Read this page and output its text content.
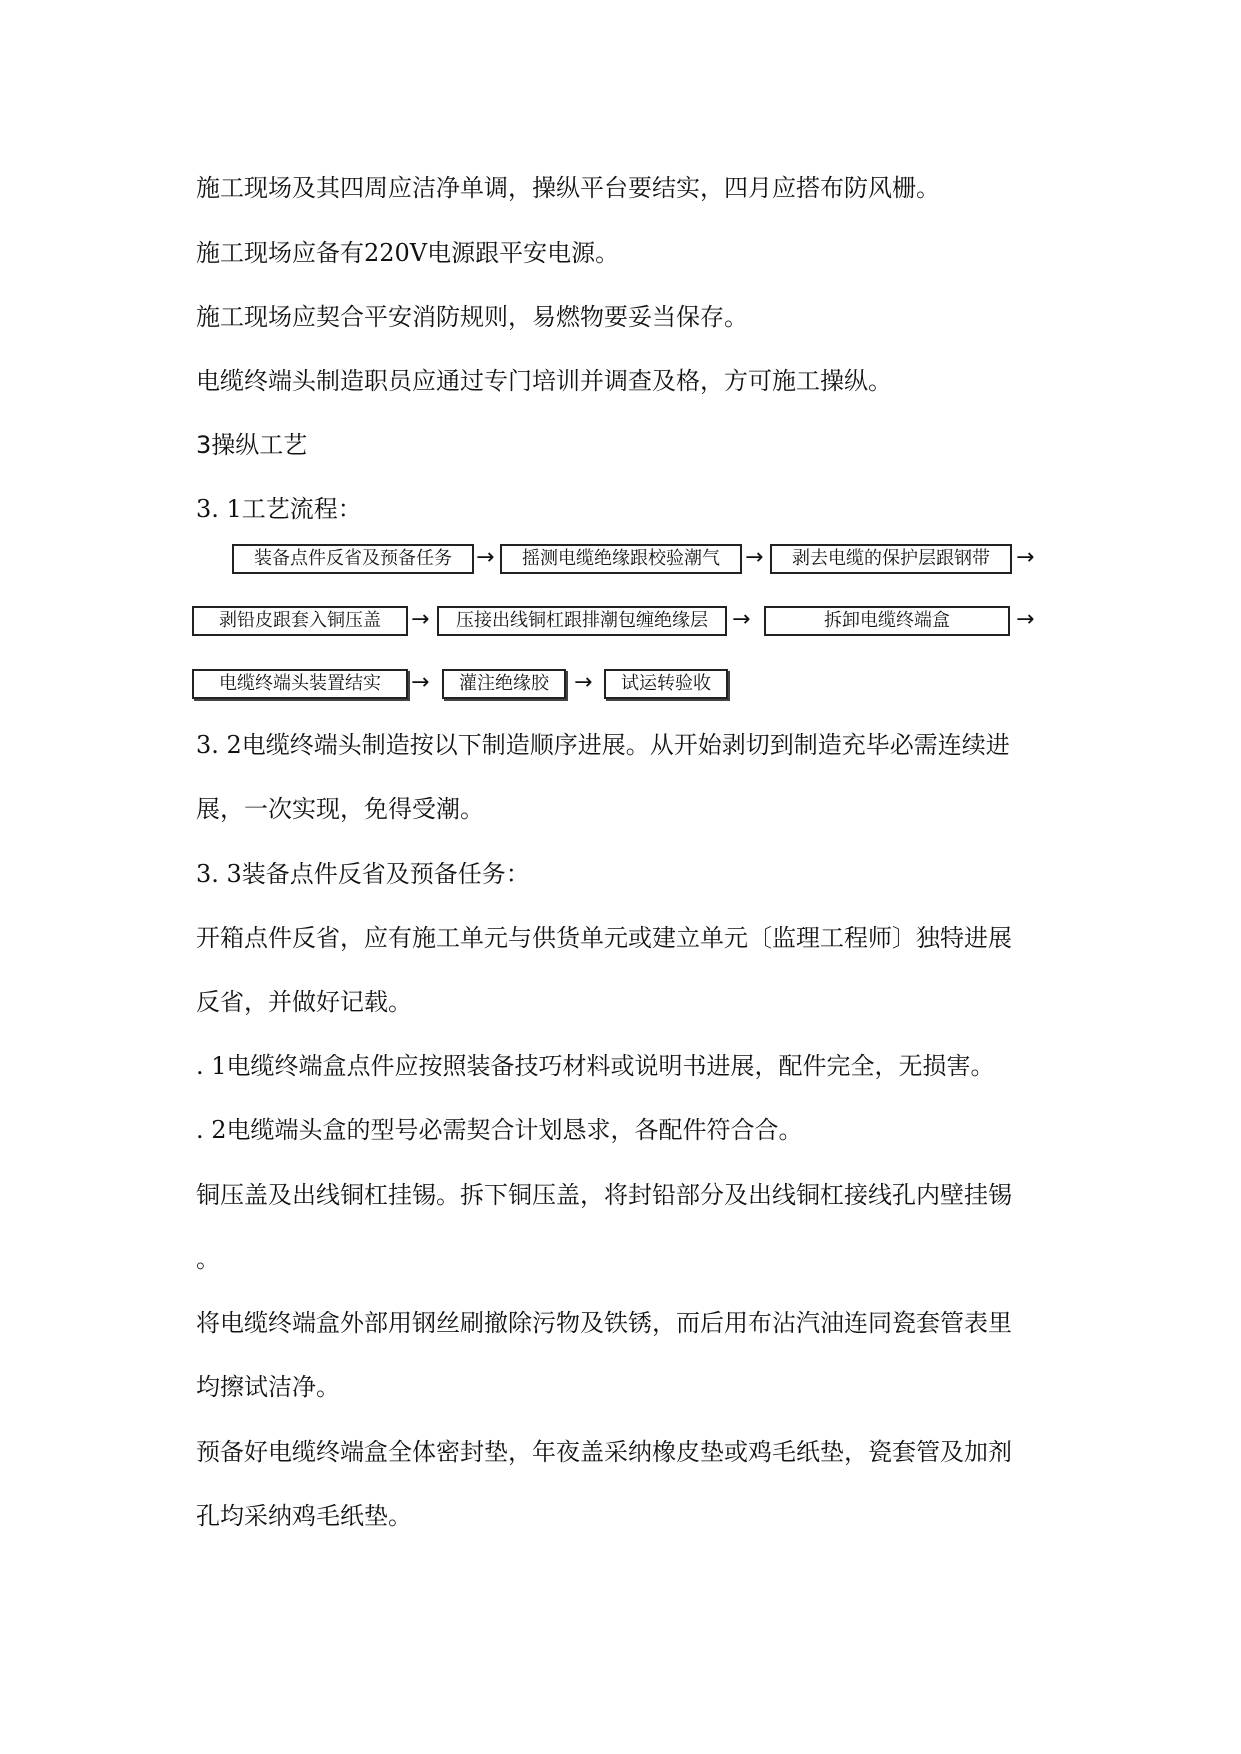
施工现场及其四周应洁净单调，操纵平台要结实，四月应搭布防风栅。
施工现场应备有220V电源跟平安电源。
施工现场应契合平安消防规则，易燃物要妥当保存。
电缆终端头制造职员应通过专门培训并调查及格，方可施工操纵。
3操纵工艺
3. 1工艺流程：
装备点件反省及预备任务	→	摇测电缆绝缘跟校验潮气	→	剥去电缆的保护层跟钢带	→
剥铅皮跟套入铜压盖	→	压接出线铜杠跟排潮包缠绝缘层	→	拆卸电缆终端盒	→
电缆终端头装置结实	→	灌注绝缘胶	→	试运转验收
3. 2电缆终端头制造按以下制造顺序进展。从开始剥切到制造充毕必需连续进
展，一次实现，免得受潮。
3. 3装备点件反省及预备任务：
开箱点件反省，应有施工单元与供货单元或建立单元〔监理工程师〕独特进展
反省，并做好记载。
. 1电缆终端盒点件应按照装备技巧材料或说明书进展，配件完全，无损害。
. 2电缆端头盒的型号必需契合计划恳求，各配件符合合。
铜压盖及出线铜杠挂锡。拆下铜压盖，将封铅部分及出线铜杠接线孔内壁挂锡
。
将电缆终端盒外部用钢丝刷撤除污物及铁锈，而后用布沾汽油连同瓷套管表里
均擦试洁净。
预备好电缆终端盒全体密封垫，年夜盖采纳橡皮垫或鸡毛纸垫，瓷套管及加剂
孔均采纳鸡毛纸垫。
